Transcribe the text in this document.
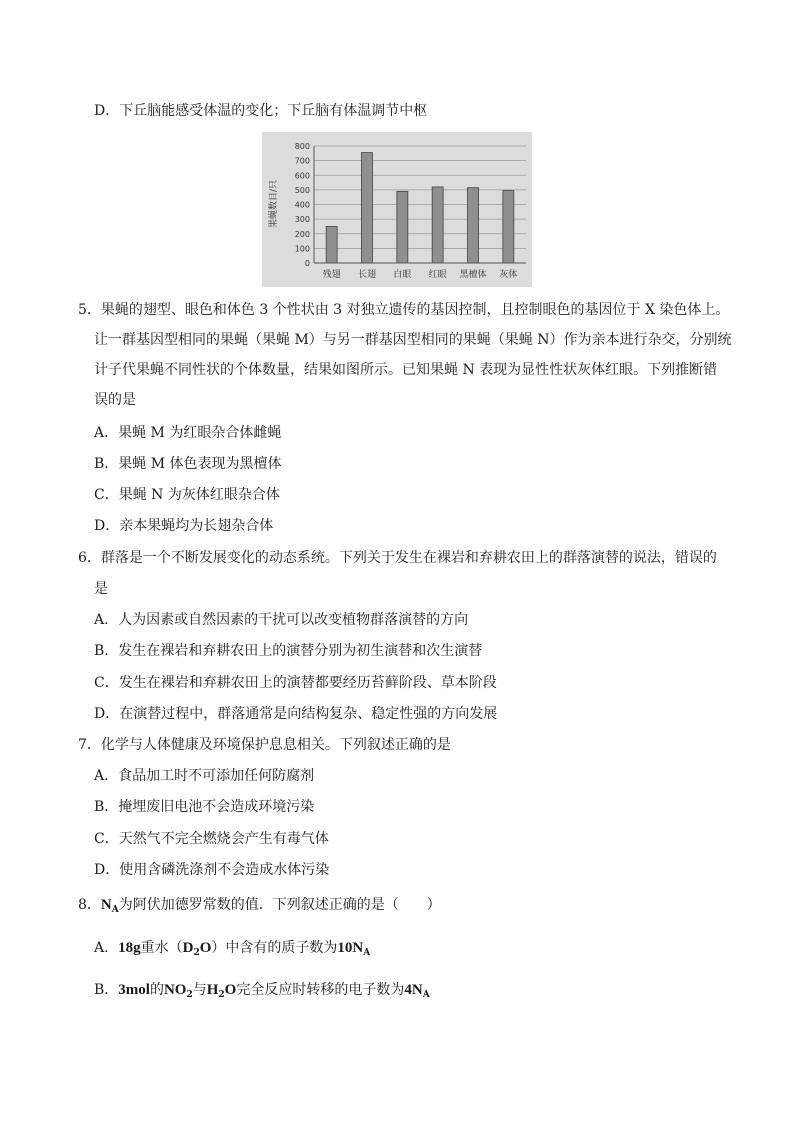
D．下丘脑能感受体温的变化；下丘脑有体温调节中枢
0
100
200
300
400
500
600
700
800
残翅 长翅 白眼 红眼 黑檀体 灰体
果蝇数目/只
5．果蝇的翅型、眼色和体色 3 个性状由 3 对独立遗传的基因控制，且控制眼色的基因位于 X 染色体上。
让一群基因型相同的果蝇（果蝇 M）与另一群基因型相同的果蝇（果蝇 N）作为亲本进行杂交，分别统
计子代果蝇不同性状的个体数量，结果如图所示。已知果蝇 N 表现为显性性状灰体红眼。下列推断错
误的是
A．果蝇 M 为红眼杂合体雌蝇
B．果蝇 M 体色表现为黑檀体
C．果蝇 N 为灰体红眼杂合体
D．亲本果蝇均为长翅杂合体
6．群落是一个不断发展变化的动态系统。下列关于发生在裸岩和弃耕农田上的群落演替的说法，错误的
是
A．人为因素或自然因素的干扰可以改变植物群落演替的方向
B．发生在裸岩和弃耕农田上的演替分别为初生演替和次生演替
C．发生在裸岩和弃耕农田上的演替都要经历苔藓阶段、草本阶段
D．在演替过程中，群落通常是向结构复杂、稳定性强的方向发展
7．化学与人体健康及环境保护息息相关。下列叙述正确的是
A．食品加工时不可添加任何防腐剂
B．掩埋废旧电池不会造成环境污染
C．天然气不完全燃烧会产生有毒气体
D．使用含磷洗涤剂不会造成水体污染
8．$N_A$为阿伏加德罗常数的值．下列叙述正确的是（　　）
A．18g重水$(D_2O)$中含有的质子数为$10N_A$
B．3mol的$NO_2$与$H_2O$完全反应时转移的电子数为$4N_A$
